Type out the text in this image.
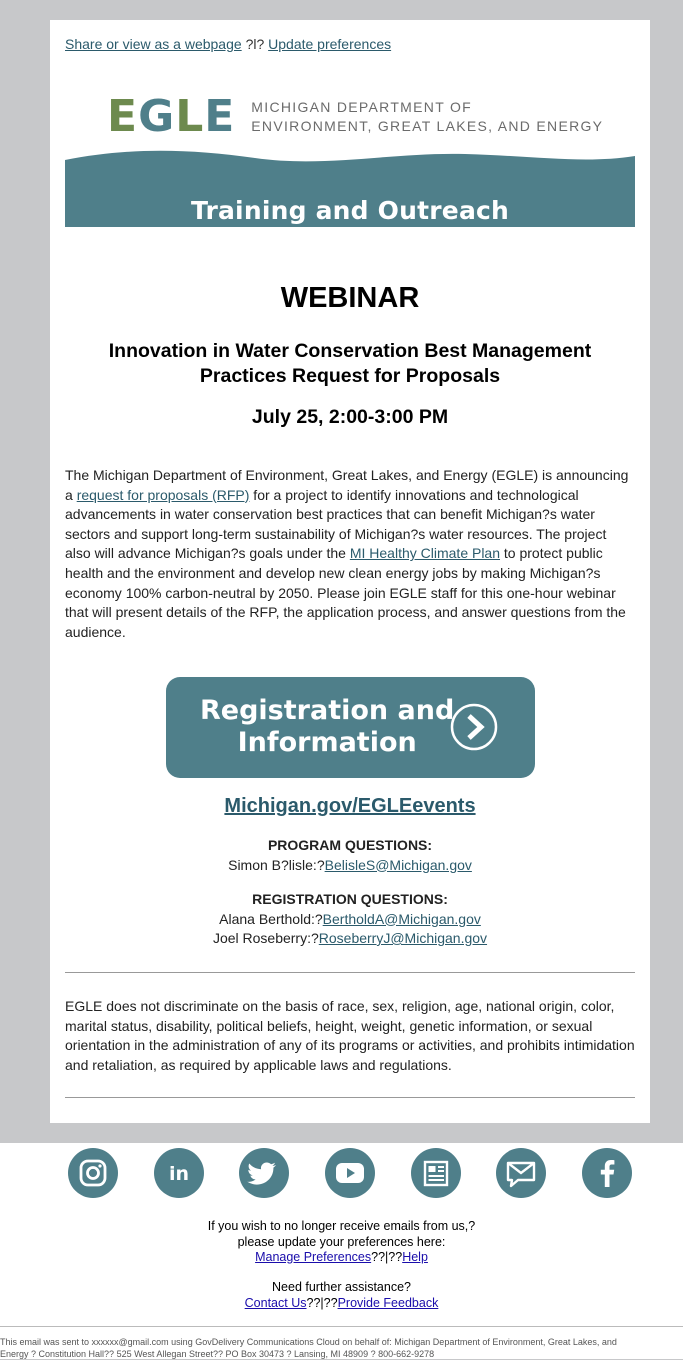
Share or view as a webpage ?l? Update preferences
EGLE MICHIGAN DEPARTMENT OF
ENVIRONMENT, GREAT LAKES, AND ENERGY
Training and Outreach
WEBINAR
Innovation in Water Conservation Best Management Practices Request for Proposals
July 25, 2:00-3:00 PM
The Michigan Department of Environment, Great Lakes, and Energy (EGLE) is announcing a request for proposals (RFP) for a project to identify innovations and technological advancements in water conservation best practices that can benefit Michigan?s water sectors and support long-term sustainability of Michigan?s water resources. The project also will advance Michigan?s goals under the MI Healthy Climate Plan to protect public health and the environment and develop new clean energy jobs by making Michigan?s economy 100% carbon-neutral by 2050. Please join EGLE staff for this one-hour webinar that will present details of the RFP, the application process, and answer questions from the audience.
Registration and
Information
Michigan.gov/EGLEevents
PROGRAM QUESTIONS:
Simon B?lisle:?BelisleS@Michigan.gov
REGISTRATION QUESTIONS:
Alana Berthold:?BertholdA@Michigan.gov
Joel Roseberry:?RoseberryJ@Michigan.gov
EGLE does not discriminate on the basis of race, sex, religion, age, national origin, color, marital status, disability, political beliefs, height, weight, genetic information, or sexual orientation in the administration of any of its programs or activities, and prohibits intimidation and retaliation, as required by applicable laws and regulations.
in
If you wish to no longer receive emails from us,?
please update your preferences here:
Manage Preferences??|??Help
Need further assistance?
Contact Us??|??Provide Feedback
This email was sent to xxxxxx@gmail.com using GovDelivery Communications Cloud on behalf of: Michigan Department of Environment, Great Lakes, and
Energy ? Constitution Hall?? 525 West Allegan Street?? PO Box 30473 ? Lansing, MI 48909 ? 800-662-9278
